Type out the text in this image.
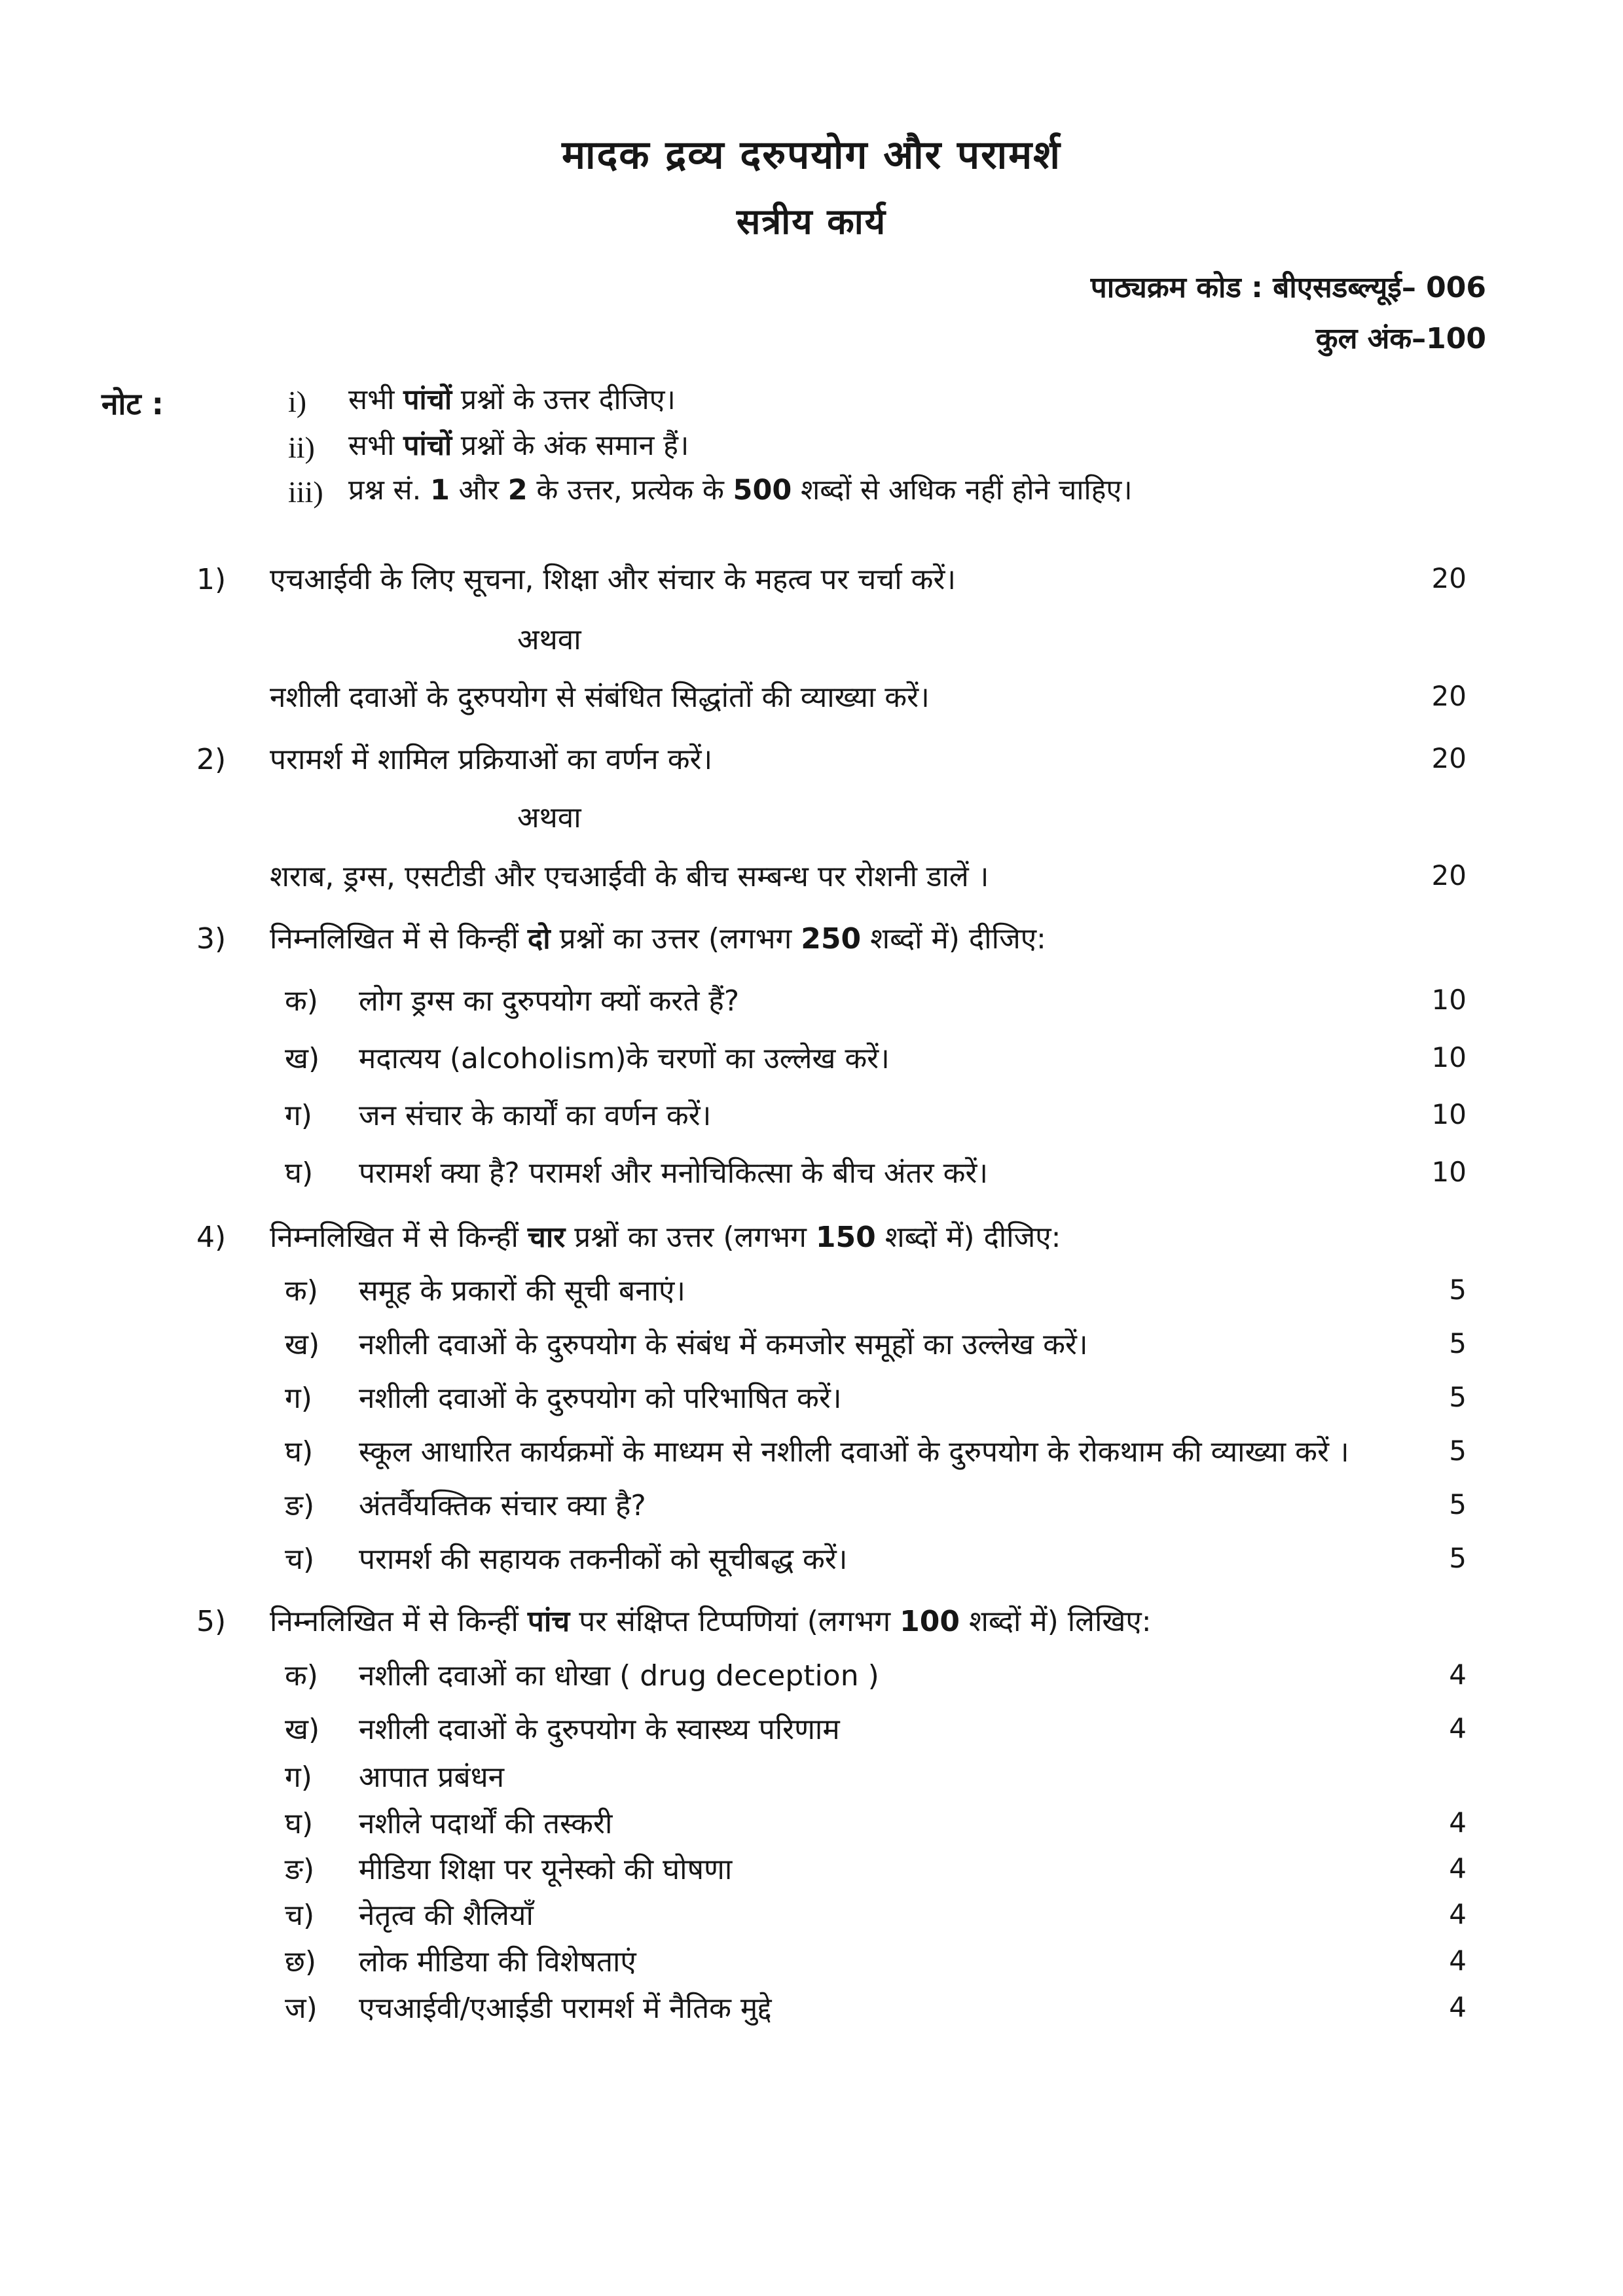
मादक द्रव्य दरुपयोग और परामर्श
सत्रीय कार्य
पाठ्यक्रम कोड : बीएसडब्ल्यूई– 006
कुल अंक–100
नोट :	i) सभी पांचों प्रश्नों के उत्तर दीजिए।
ii) सभी पांचों प्रश्नों के अंक समान हैं।
iii) प्रश्न सं. 1 और 2 के उत्तर, प्रत्येक के 500 शब्दों से अधिक नहीं होने चाहिए।
1) एचआईवी के लिए सूचना, शिक्षा और संचार के महत्व पर चर्चा करें।	20
अथवा
नशीली दवाओं के दुरुपयोग से संबंधित सिद्धांतों की व्याख्या करें।	20
2) परामर्श में शामिल प्रक्रियाओं का वर्णन करें।	20
अथवा
शराब, ड्रग्स, एसटीडी और एचआईवी के बीच सम्बन्ध पर रोशनी डालें ।	20
3) निम्नलिखित में से किन्हीं दो प्रश्नों का उत्तर (लगभग 250 शब्दों में) दीजिए:
क) लोग ड्रग्स का दुरुपयोग क्यों करते हैं?	10
ख) मदात्यय (alcoholism)के चरणों का उल्लेख करें।	10
ग) जन संचार के कार्यों का वर्णन करें।	10
घ) परामर्श क्या है? परामर्श और मनोचिकित्सा के बीच अंतर करें।	10
4) निम्नलिखित में से किन्हीं चार प्रश्नों का उत्तर (लगभग 150 शब्दों में) दीजिए:
क) समूह के प्रकारों की सूची बनाएं।	5
ख) नशीली दवाओं के दुरुपयोग के संबंध में कमजोर समूहों का उल्लेख करें।	5
ग) नशीली दवाओं के दुरुपयोग को परिभाषित करें।	5
घ) स्कूल आधारित कार्यक्रमों के माध्यम से नशीली दवाओं के दुरुपयोग के रोकथाम की व्याख्या करें ।	5
ङ) अंतर्वैयक्तिक संचार क्या है?	5
च) परामर्श की सहायक तकनीकों को सूचीबद्ध करें।	5
5) निम्नलिखित में से किन्हीं पांच पर संक्षिप्त टिप्पणियां (लगभग 100 शब्दों में) लिखिए:
क) नशीली दवाओं का धोखा ( drug deception )	4
ख) नशीली दवाओं के दुरुपयोग के स्वास्थ्य परिणाम	4
ग) आपात प्रबंधन
घ) नशीले पदार्थों की तस्करी	4
ङ) मीडिया शिक्षा पर यूनेस्को की घोषणा	4
च) नेतृत्व की शैलियाँ	4
छ) लोक मीडिया की विशेषताएं	4
ज) एचआईवी/एआईडी परामर्श में नैतिक मुद्दे	4
